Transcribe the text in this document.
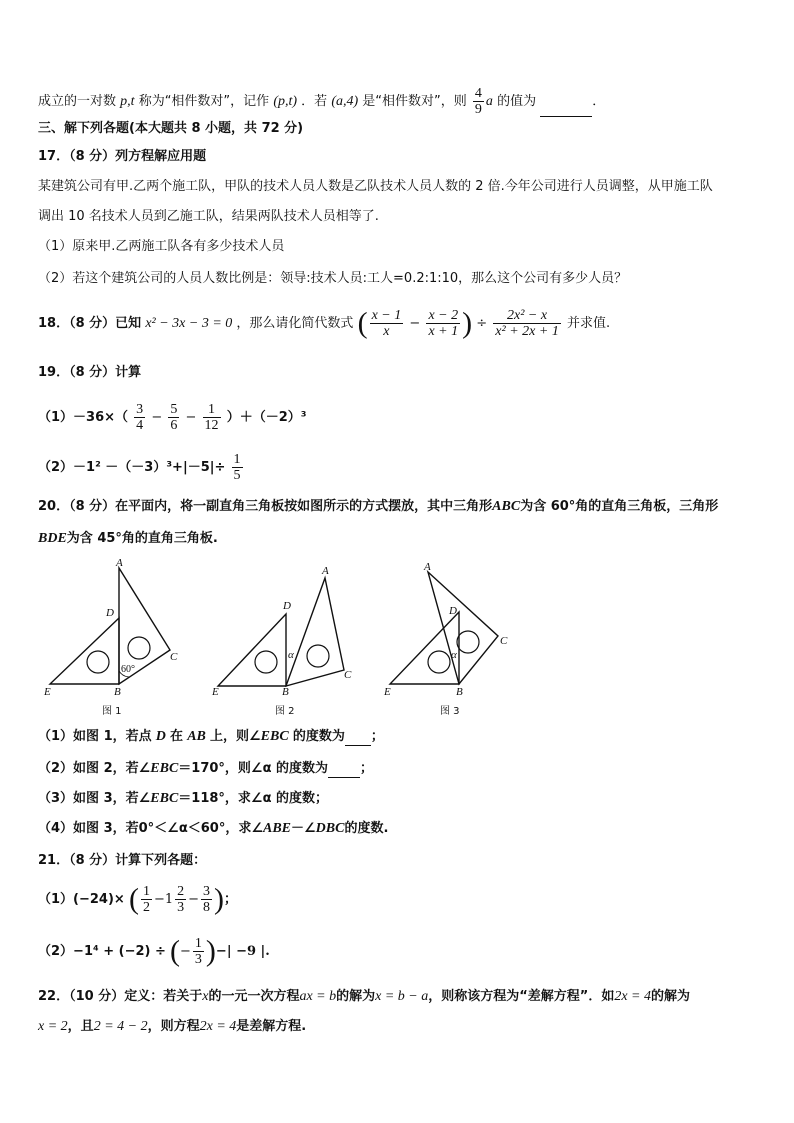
成立的一对数 p,t 称为“相件数对”，记作 (p,t) ．若 (a,4) 是“相件数对”，则 $\frac{4}{9}$ a 的值为	．
三、解下列各题(本大题共 8 小题，共 72 分)
17．（8 分）列方程解应用题
某建筑公司有甲.乙两个施工队，甲队的技术人员人数是乙队技术人员人数的 2 倍.今年公司进行人员调整，从甲施工队
调出 10 名技术人员到乙施工队，结果两队技术人员相等了.
（1）原来甲.乙两施工队各有多少技术人员
（2）若这个建筑公司的人员人数比例是：领导:技术人员:工人=0.2:1:10，那么这个公司有多少人员？
18．（8 分）已知 x² − 3x − 3 = 0 ，那么请化简代数式 ( $\frac{x - 1}{x} - \frac{x - 2}{x + 1}$ ) ÷ $\frac{\text{2x² − x}}{\text{x² + 2x + 1}}$ 并求值.
19．（8 分）计算
$(1)-36\times( \frac{3}{4} - \frac{5}{6} - \frac{1}{12} )+(-2)^3$
$(2)-1^2 -(-3)^3+|-5|\div \frac{1}{5}$
20．（8 分）在平面内，将一副直角三角板按如图所示的方式摆放，其中三角形ABC为含 60°角的直角三角板，三角形
BDE为含 45°角的直角三角板.
A
D
C
E	B
60°
图 1
A
D
C
E	B
α
图 2
A
D
C
E	B
α
图 3
（1）如图 1，若点 D 在 AB 上，则∠EBC 的度数为 ；
（2）如图 2，若∠EBC＝170°，则∠α 的度数为 ；
（3）如图 3，若∠EBC＝118°，求∠α 的度数；
（4）如图 3，若0°＜∠α＜60°，求∠ABE－∠DBC的度数.
21．（8 分）计算下列各题：
（1）(−24)× ( $\frac{1}{2} -1 \frac{2}{3} - \frac{3}{8}$ )；
（2）−1⁴ + (−2) ÷ (− $\frac{1}{3}$ )−| −9 |.
22．（10 分）定义：若关于x的一元一次方程ax = b的解为x = b − a，则称该方程为“差解方程”．如2x = 4的解为
x = 2，且2 = 4 − 2，则方程2x = 4是差解方程.
